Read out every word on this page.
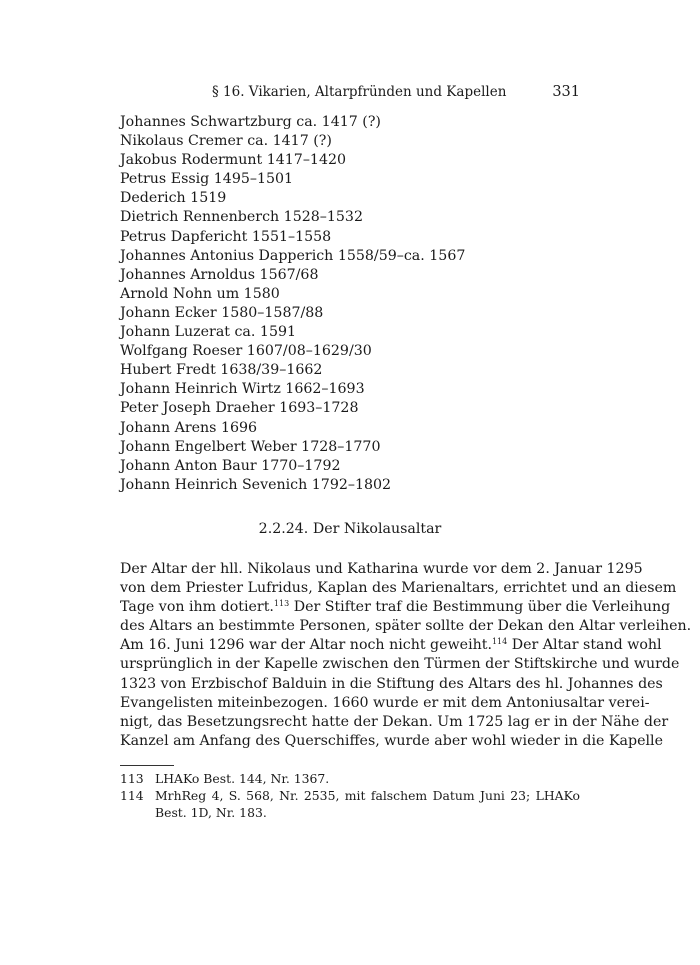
§ 16. Vikarien, Altarpfründen und Kapellen	331
Johannes Schwartzburg ca. 1417 (?)
Nikolaus Cremer ca. 1417 (?)
Jakobus Rodermunt 1417–1420
Petrus Essig 1495–1501
Dederich 1519
Dietrich Rennenberch 1528–1532
Petrus Dapfericht 1551–1558
Johannes Antonius Dapperich 1558/59–ca. 1567
Johannes Arnoldus 1567/68
Arnold Nohn um 1580
Johann Ecker 1580–1587/88
Johann Luzerat ca. 1591
Wolfgang Roeser 1607/08–1629/30
Hubert Fredt 1638/39–1662
Johann Heinrich Wirtz 1662–1693
Peter Joseph Draeher 1693–1728
Johann Arens 1696
Johann Engelbert Weber 1728–1770
Johann Anton Baur 1770–1792
Johann Heinrich Sevenich 1792–1802
2.2.24. Der Nikolausaltar
Der Altar der hll. Nikolaus und Katharina wurde vor dem 2. Januar 1295
von dem Priester Lufridus, Kaplan des Marienaltars, errichtet und an diesem
Tage von ihm dotiert.$^{113}$ Der Stifter traf die Bestimmung über die Verleihung
des Altars an bestimmte Personen, später sollte der Dekan den Altar verleihen.
Am 16. Juni 1296 war der Altar noch nicht geweiht.$^{114}$ Der Altar stand wohl
ursprünglich in der Kapelle zwischen den Türmen der Stiftskirche und wurde
1323 von Erzbischof Balduin in die Stiftung des Altars des hl. Johannes des
Evangelisten miteinbezogen. 1660 wurde er mit dem Antoniusaltar verei-
nigt, das Besetzungsrecht hatte der Dekan. Um 1725 lag er in der Nähe der
Kanzel am Anfang des Querschiffes, wurde aber wohl wieder in die Kapelle
113 LHAKo Best. 144, Nr. 1367.
114 MrhReg 4, S. 568, Nr. 2535, mit falschem Datum Juni 23; LHAKo Best. 1D, Nr. 183.
